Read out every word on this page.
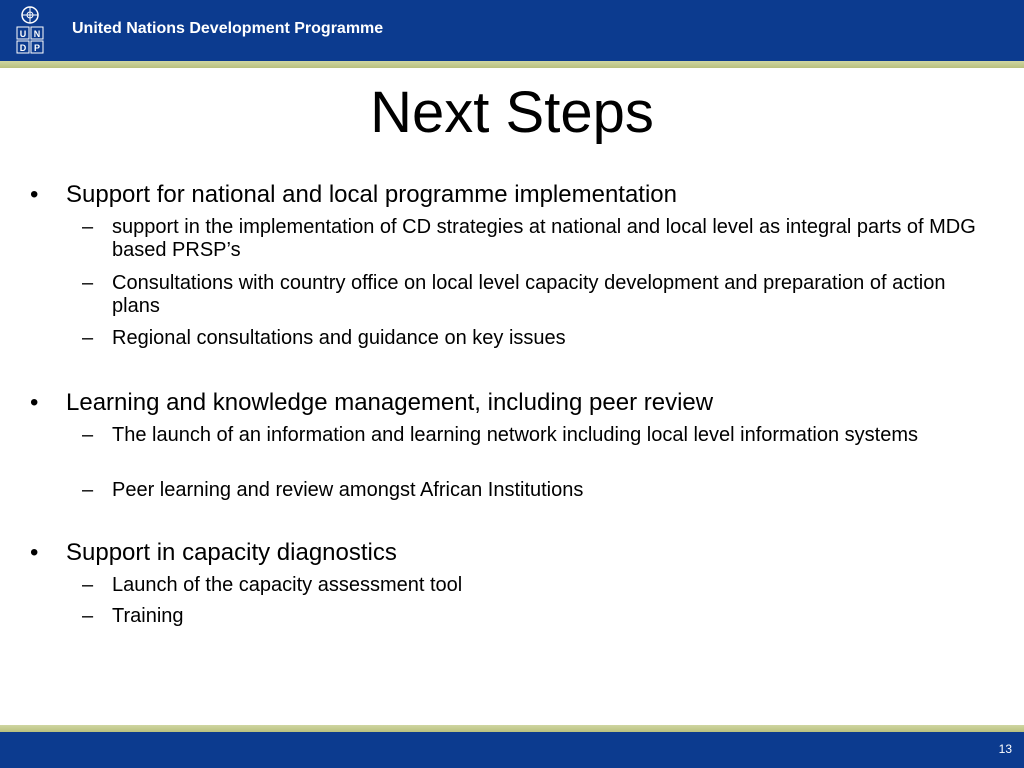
U N
D P
United Nations Development Programme
Next Steps
• Support for national and local programme implementation
– support in the implementation of CD strategies at national and local level as integral parts of MDG based PRSP’s
– Consultations with country office on local level capacity development and preparation of action plans
– Regional consultations and guidance on key issues
• Learning and knowledge management, including peer review
– The launch of an information and learning network including local level information systems
– Peer learning and review amongst African Institutions
• Support in capacity diagnostics
– Launch of the capacity assessment tool
– Training
13
